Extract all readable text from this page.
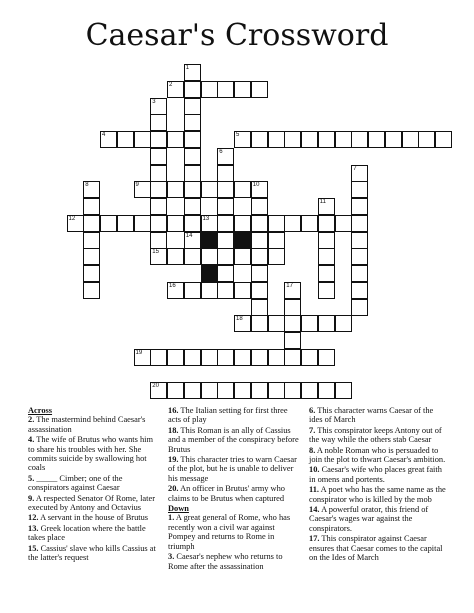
Caesar's Crossword
1
14
2
3
4	5
6
7
8	9	10
11
12	13
15
16	17
18
19
20
Across
2. The mastermind behind Caesar's assassination
4. The wife of Brutus who wants him to share his troubles with her. She commits suicide by swallowing hot coals
5. _____ Cimber; one of the conspirators against Caesar
9. A respected Senator Of Rome, later executed by Antony and Octavius
12. A servant in the house of Brutus
13. Greek location where the battle takes place
15. Cassius' slave who kills Cassius at the latter's request
16. The Italian setting for first three acts of play
18. This Roman is an ally of Cassius and a member of the conspiracy before Brutus
19. This character tries to warn Caesar of the plot, but he is unable to deliver his message
20. An officer in Brutus' army who claims to be Brutus when captured
Down
1. A great general of Rome, who has recently won a civil war against Pompey and returns to Rome in triumph
3. Caesar's nephew who returns to Rome after the assassination
6. This character warns Caesar of the ides of March
7. This conspirator keeps Antony out of the way while the others stab Caesar
8. A noble Roman who is persuaded to join the plot to thwart Caesar's ambition.
10. Caesar's wife who places great faith in omens and portents.
11. A poet who has the same name as the conspirator who is killed by the mob
14. A powerful orator, this friend of Caesar's wages war against the conspirators.
17. This conspirator against Caesar ensures that Caesar comes to the capital on the Ides of March
